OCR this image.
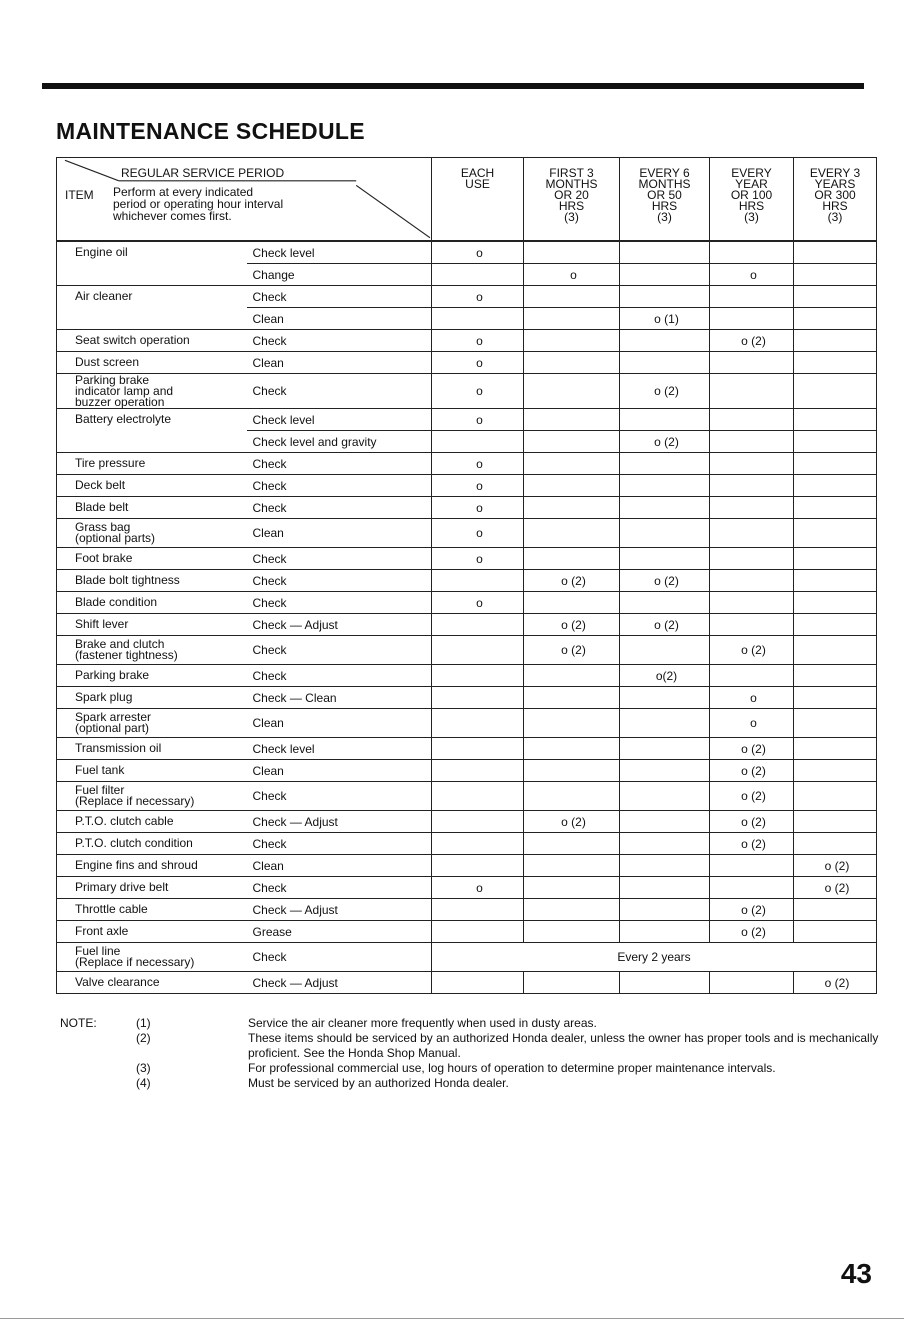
MAINTENANCE SCHEDULE
REGULAR SERVICE PERIOD
ITEM Perform at every indicated
period or operating hour interval
whichever comes first.		EACH
USE	FIRST 3
MONTHS
OR 20
HRS
(3)	EVERY 6
MONTHS
OR 50
HRS
(3)	EVERY
YEAR
OR 100
HRS
(3)	EVERY 3
YEARS
OR 300
HRS
(3)

Engine oil	Check level	o				
	Change		o		o	
Air cleaner	Check	o				
	Clean			o (1)		
Seat switch operation	Check	o			o (2)	
Dust screen	Clean	o				
Parking brake
indicator lamp and
buzzer operation	Check	o		o (2)		
Battery electrolyte	Check level	o				
	Check level and gravity			o (2)		
Tire pressure	Check	o				
Deck belt	Check	o				
Blade belt	Check	o				
Grass bag
(optional parts)	Clean	o				
Foot brake	Check	o				
Blade bolt tightness	Check		o (2)	o (2)		
Blade condition	Check	o				
Shift lever	Check — Adjust		o (2)	o (2)		
Brake and clutch
(fastener tightness)	Check		o (2)		o (2)	
Parking brake	Check			o(2)		
Spark plug	Check — Clean				o	
Spark arrester
(optional part)	Clean				o	
Transmission oil	Check level				o (2)	
Fuel tank	Clean				o (2)	
Fuel filter
(Replace if necessary)	Check				o (2)	
P.T.O. clutch cable	Check — Adjust		o (2)		o (2)	
P.T.O. clutch condition	Check				o (2)	
Engine fins and shroud	Clean					o (2)
Primary drive belt	Check	o				o (2)
Throttle cable	Check — Adjust				o (2)	
Front axle	Grease				o (2)	
Fuel line
(Replace if necessary)	Check	Every 2 years				
Valve clearance	Check — Adjust					o (2)
NOTE:	(1)	Service the air cleaner more frequently when used in dusty areas.
(2)	These items should be serviced by an authorized Honda dealer, unless the owner has proper tools and is mechanically proficient. See the Honda Shop Manual.
(3)	For professional commercial use, log hours of operation to determine proper maintenance intervals.
(4)	Must be serviced by an authorized Honda dealer.
43
